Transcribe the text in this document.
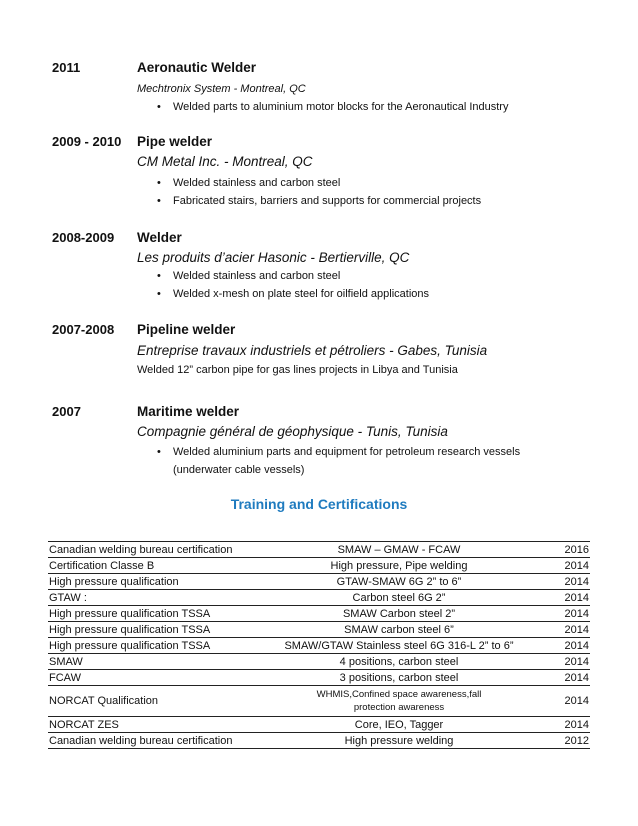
2011	Aeronautic Welder
Mechtronix System - Montreal, QC
• Welded parts to aluminium motor blocks for the Aeronautical Industry
2009 - 2010 Pipe welder
CM Metal Inc. - Montreal, QC
• Welded stainless and carbon steel
• Fabricated stairs, barriers and supports for commercial projects
2008-2009 Welder
Les produits d’acier Hasonic - Bertierville, QC
• Welded stainless and carbon steel
• Welded x-mesh on plate steel for oilfield applications
2007-2008 Pipeline welder
Entreprise travaux industriels et pétroliers - Gabes, Tunisia
Welded 12” carbon pipe for gas lines projects in Libya and Tunisia
2007	Maritime welder
Compagnie général de géophysique - Tunis, Tunisia
• Welded aluminium parts and equipment for petroleum research vessels
(underwater cable vessels)
Training and Certifications
Canadian welding bureau certification	SMAW – GMAW - FCAW	2016
Certification Classe B	High pressure, Pipe welding	2014
High pressure qualification	GTAW-SMAW 6G 2” to 6”	2014
GTAW :	Carbon steel 6G 2”	2014
High pressure qualification TSSA	SMAW Carbon steel 2”	2014
High pressure qualification TSSA	SMAW carbon steel 6”	2014
High pressure qualification TSSA	SMAW/GTAW Stainless steel 6G 316-L 2” to 6”	2014
SMAW	4 positions, carbon steel	2014
FCAW	3 positions, carbon steel	2014
NORCAT Qualification	WHMIS,Confined space awareness,fall protection awareness	2014
NORCAT ZES	Core, IEO, Tagger	2014
Canadian welding bureau certification	High pressure welding	2012
